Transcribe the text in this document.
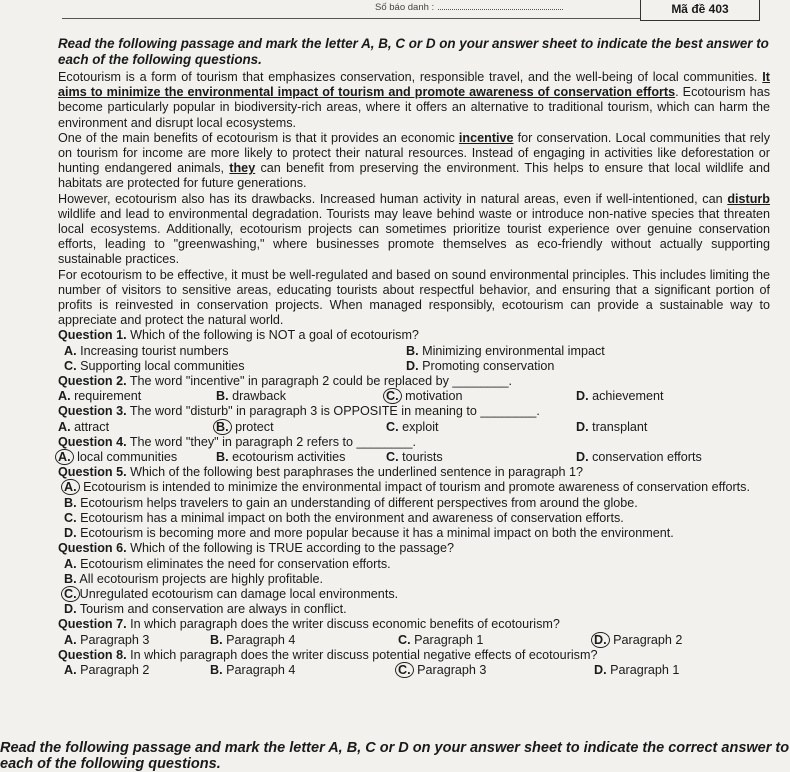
Số báo danh :	Mã đề 403

Read the following passage and mark the letter A, B, C or D on your answer sheet to indicate the best answer to each of the following questions.

Ecotourism is a form of tourism that emphasizes conservation, responsible travel, and the well-being of local communities. It aims to minimize the environmental impact of tourism and promote awareness of conservation efforts. Ecotourism has become particularly popular in biodiversity-rich areas, where it offers an alternative to traditional tourism, which can harm the environment and disrupt local ecosystems.

One of the main benefits of ecotourism is that it provides an economic incentive for conservation. Local communities that rely on tourism for income are more likely to protect their natural resources. Instead of engaging in activities like deforestation or hunting endangered animals, they can benefit from preserving the environment. This helps to ensure that local wildlife and habitats are protected for future generations.

However, ecotourism also has its drawbacks. Increased human activity in natural areas, even if well-intentioned, can disturb wildlife and lead to environmental degradation. Tourists may leave behind waste or introduce non-native species that threaten local ecosystems. Additionally, ecotourism projects can sometimes prioritize tourist experience over genuine conservation efforts, leading to "greenwashing," where businesses promote themselves as eco-friendly without actually supporting sustainable practices.

For ecotourism to be effective, it must be well-regulated and based on sound environmental principles. This includes limiting the number of visitors to sensitive areas, educating tourists about respectful behavior, and ensuring that a significant portion of profits is reinvested in conservation projects. When managed responsibly, ecotourism can provide a sustainable way to appreciate and protect the natural world.

Question 1. Which of the following is NOT a goal of ecotourism?

A. Increasing tourist numbers	B. Minimizing environmental impact
C. Supporting local communities	D. Promoting conservation

Question 2. The word "incentive" in paragraph 2 could be replaced by ________.

A. requirement	B. drawback	C. motivation	D. achievement

Question 3. The word "disturb" in paragraph 3 is OPPOSITE in meaning to ________.

A. attract	B. protect	C. exploit	D. transplant

Question 4. The word "they" in paragraph 2 refers to ________.

A. local communities	B. ecotourism activities	C. tourists	D. conservation efforts

Question 5. Which of the following best paraphrases the underlined sentence in paragraph 1?

A. Ecotourism is intended to minimize the environmental impact of tourism and promote awareness of conservation efforts.

B. Ecotourism helps travelers to gain an understanding of different perspectives from around the globe.

C. Ecotourism has a minimal impact on both the environment and awareness of conservation efforts.

D. Ecotourism is becoming more and more popular because it has a minimal impact on both the environment.

Question 6. Which of the following is TRUE according to the passage?

A. Ecotourism eliminates the need for conservation efforts.

B. All ecotourism projects are highly profitable.

C. Unregulated ecotourism can damage local environments.

D. Tourism and conservation are always in conflict.

Question 7. In which paragraph does the writer discuss economic benefits of ecotourism?

A. Paragraph 3	B. Paragraph 4	C. Paragraph 1	D. Paragraph 2

Question 8. In which paragraph does the writer discuss potential negative effects of ecotourism?

A. Paragraph 2	B. Paragraph 4	C. Paragraph 3	D. Paragraph 1
Read the following passage and mark the letter A, B, C or D on your answer sheet to indicate the correct answer to each of the following questions.
